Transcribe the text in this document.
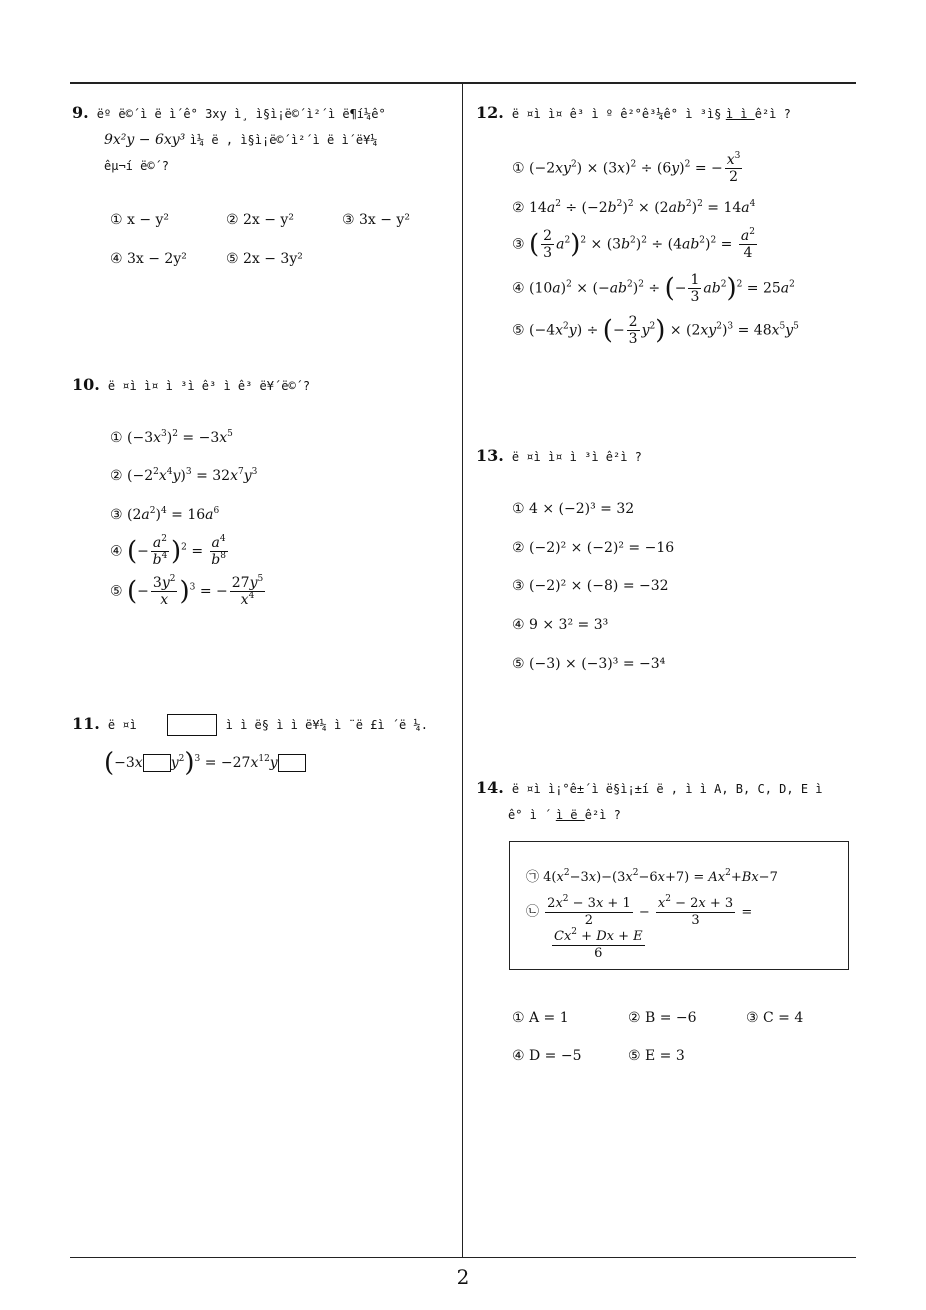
2
9. ëº ë©´ì ë ì´ê° 3xy ì¸ ì§ì¡ë©´ì²´ì ë¶í¼ê°
9x²y − 6xy³ ì¼ ë , ì§ì¡ë©´ì²´ì ë ì´ë¥¼
êµ¬í ë©´?
① x − y²	② 2x − y²	③ 3x − y²
④ 3x − 2y²	⑤ 2x − 3y²
10. ë ¤ì ì¤ ì ³ì ê³ ì ê³ ë¥´ë©´?
① $(-3x^3)^2 = -3x^5$
② $(-2^2x^4y)^3 = 32x^7y^3$
③ $(2a^2)^4 = 16a^6$
④ (− $\frac{a^2}{b^4} )^2 = \frac{a^4}{b^8}$
⑤ (− $\frac{3y^2}{x} )^3$ = − $\frac{27y^5}{x^4}$
11. ë ¤ì	ì ì ë§ ì ì ë¥¼ ì ¨ë £ì ´ë ¼.
(−3x $y^2)^3 = -27x^{12}y$
12. ë ¤ì ì¤ ê³ ì º ê²°ê³¼ê° ì ³ì§ ì ì ê²ì ?
① $(-2xy^2) \times (3x)^2 \div (6y)^2$ = − $\frac{x^3}{2}$
② $14a^2 \div (-2b^2)^2 \times (2ab^2)^2 = 14a^4$
③ ( $\frac{2}{3} a^2)^2 \times (3b^2)^2 \div (4ab^2)^2 = \frac{a^2}{4}$
④ $(10a)^2 \times (-ab^2)^2$ ÷ (− $\frac{1}{3} ab^2)^2 = 25a^2$
⑤ $(-4x^2y)$ ÷ (− $\frac{2}{3} y^2) \times (2xy^2)^3 = 48x^5y^5$
13. ë ¤ì ì¤ ì ³ì ê²ì ?
① 4 × (−2)³ = 32
② (−2)² × (−2)² = −16
③ (−2)² × (−8) = −32
④ 9 × 3² = 3³
⑤ (−3) × (−3)³ = −3⁴
14. ë ¤ì ì¡°ê±´ì ë§ì¡±í ë , ì ì A, B, C, D, E ì
ê° ì ´ ì ë ê²ì ?
㉠ $4(x^2-3x)-(3x^2-6x+7) = Ax^2+Bx-7$
㉡ $\frac{2x^2 - 3x + 1}{2} - \frac{x^2 - 2x + 3}{3}$ =
$\frac{Cx^2 + Dx + E}{6}$
① A = 1	② B = −6	③ C = 4
④ D = −5	⑤ E = 3
